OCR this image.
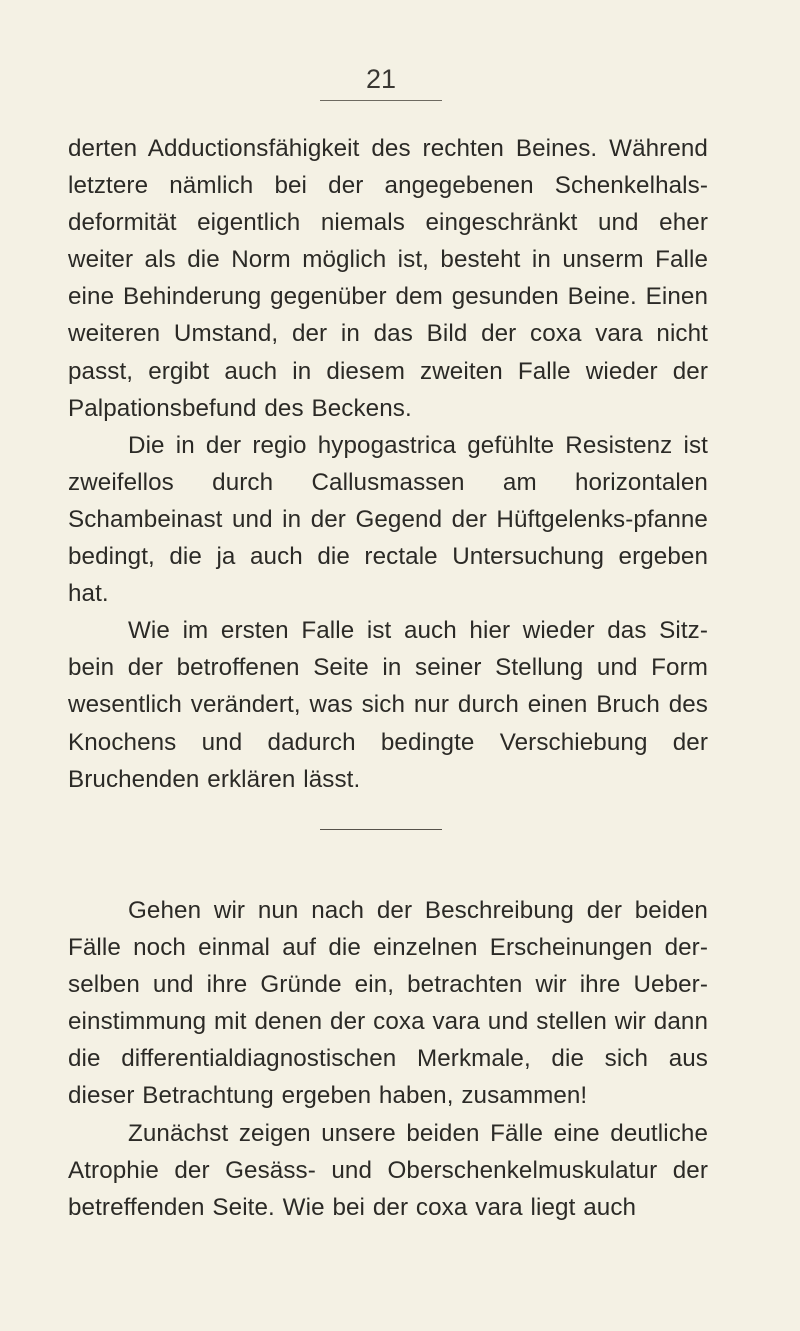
21

derten Adductionsfähigkeit des rechten Beines. Während letztere nämlich bei der angegebenen Schenkelhals-deformität eigentlich niemals eingeschränkt und eher weiter als die Norm möglich ist, besteht in unserm Falle eine Behinderung gegenüber dem gesunden Beine. Einen weiteren Umstand, der in das Bild der coxa vara nicht passt, ergibt auch in diesem zweiten Falle wieder der Palpationsbefund des Beckens.

Die in der regio hypogastrica gefühlte Resistenz ist zweifellos durch Callusmassen am horizontalen Schambeinast und in der Gegend der Hüftgelenks-pfanne bedingt, die ja auch die rectale Untersuchung ergeben hat.

Wie im ersten Falle ist auch hier wieder das Sitz-bein der betroffenen Seite in seiner Stellung und Form wesentlich verändert, was sich nur durch einen Bruch des Knochens und dadurch bedingte Verschiebung der Bruchenden erklären lässt.

Gehen wir nun nach der Beschreibung der beiden Fälle noch einmal auf die einzelnen Erscheinungen der-selben und ihre Gründe ein, betrachten wir ihre Ueber-einstimmung mit denen der coxa vara und stellen wir dann die differentialdiagnostischen Merkmale, die sich aus dieser Betrachtung ergeben haben, zusammen!

Zunächst zeigen unsere beiden Fälle eine deutliche Atrophie der Gesäss- und Oberschenkelmuskulatur der betreffenden Seite. Wie bei der coxa vara liegt auch
